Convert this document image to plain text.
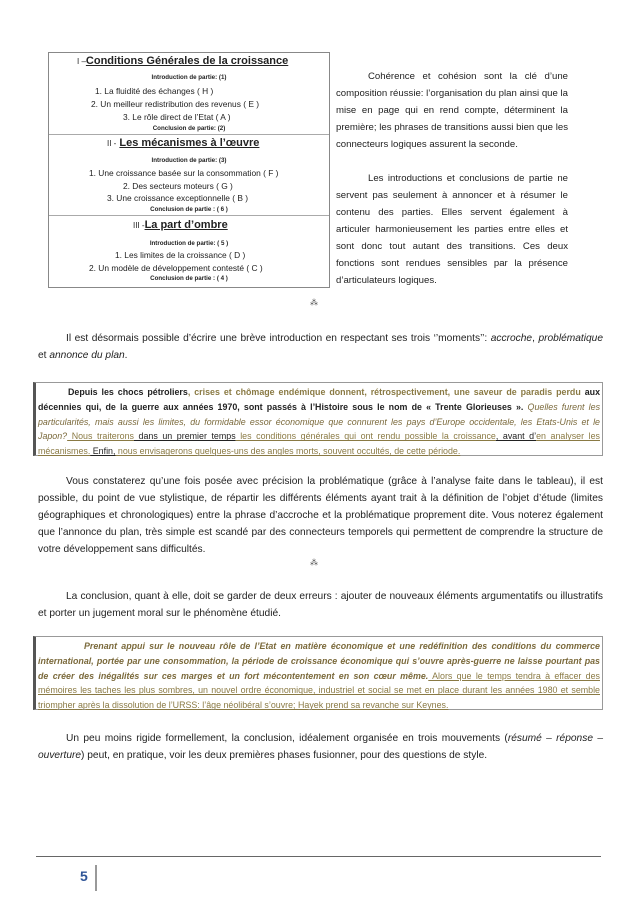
I –Conditions Générales de la croissance
Introduction de partie: (1)
1. La fluidité des échanges ( H )
2. Un meilleur redistribution des revenus ( E )
3. Le rôle direct de l’Etat ( A )
Conclusion de partie: (2)
II - Les mécanismes à l’œuvre
Introduction de partie: (3)
1. Une croissance basée sur la consommation ( F )
2. Des secteurs moteurs ( G )
3. Une croissance exceptionnelle ( B )
Conclusion de partie : ( 6 )
III -La part d’ombre
Introduction de partie: ( 5 )
1. Les limites de la croissance ( D )
2. Un modèle de développement contesté ( C )
Conclusion de partie : ( 4 )
Cohérence et cohésion sont la clé d’une composition réussie: l’organisation du plan ainsi que la mise en page qui en rend compte, déterminent la première; les phrases de transitions aussi bien que les connecteurs logiques assurent la seconde.
Les introductions et conclusions de partie ne servent pas seulement à annoncer et à résumer le contenu des parties. Elles servent également à articuler harmonieusement les parties entre elles et sont donc tout autant des transitions. Ces deux fonctions sont rendues sensibles par la présence d’articulateurs logiques.
⁂
Il est désormais possible d’écrire une brève introduction en respectant ses trois ‘’moments’’: accroche, problématique et annonce du plan.
Depuis les chocs pétroliers, crises et chômage endémique donnent, rétrospectivement, une saveur de paradis perdu aux décennies qui, de la guerre aux années 1970, sont passés à l’Histoire sous le nom de « Trente Glorieuses ». Quelles furent les particularités, mais aussi les limites, du formidable essor économique que connurent les pays d’Europe occidentale, les Etats-Unis et le Japon? Nous traiterons dans un premier temps les conditions générales qui ont rendu possible la croissance, avant d’en analyser les mécanismes. Enfin, nous envisagerons quelques-uns des angles morts, souvent occultés, de cette période.
Vous constaterez qu’une fois posée avec précision la problématique (grâce à l’analyse faite dans le tableau), il est possible, du point de vue stylistique, de répartir les différents éléments ayant trait à la définition de l’objet d’étude (limites géographiques et chronologiques) entre la phrase d’accroche et la problématique proprement dite. Vous noterez également que l’annonce du plan, très simple est scandé par des connecteurs temporels qui permettent de comprendre la structure de votre développement sans difficultés.
⁂
La conclusion, quant à elle, doit se garder de deux erreurs : ajouter de nouveaux éléments argumentatifs ou illustratifs et porter un jugement moral sur le phénomène étudié.
Prenant appui sur le nouveau rôle de l’Etat en matière économique et une redéfinition des conditions du commerce international, portée par une consommation, la période de croissance économique qui s’ouvre après-guerre ne laisse pourtant pas de créer des inégalités sur ces marges et un fort mécontentement en son cœur même. Alors que le temps tendra à effacer des mémoires les taches les plus sombres, un nouvel ordre économique, industriel et social se met en place durant les années 1980 et semble triompher après la dissolution de l’URSS: l’âge néolibéral s’ouvre; Hayek prend sa revanche sur Keynes.
Un peu moins rigide formellement, la conclusion, idéalement organisée en trois mouvements (résumé – réponse – ouverture) peut, en pratique, voir les deux premières phases fusionner, pour des questions de style.
5
